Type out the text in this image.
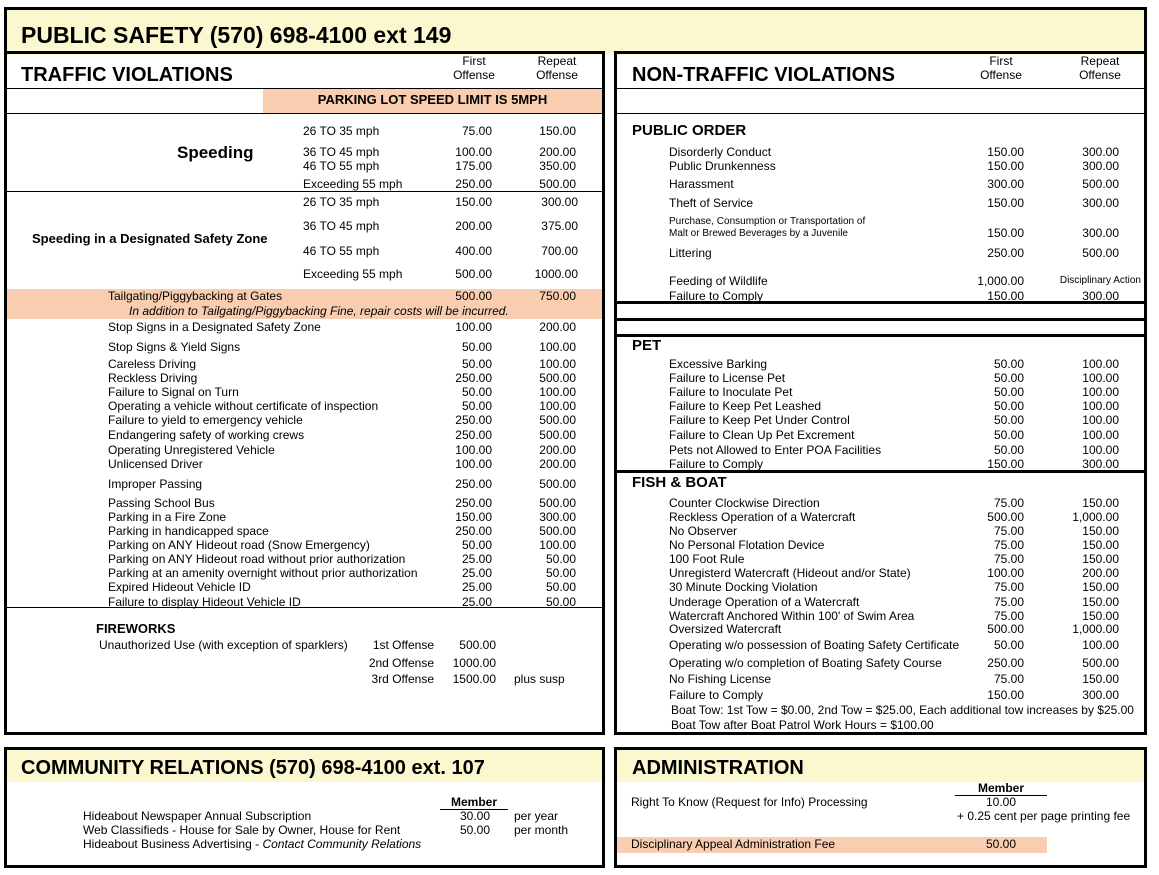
PUBLIC SAFETY (570) 698-4100 ext 149
TRAFFIC VIOLATIONS
First
Offense
Repeat
Offense
PARKING LOT SPEED LIMIT IS 5MPH
Speeding
26 TO 35 mph	75.00	150.00
36 TO 45 mph	100.00	200.00
46 TO 55 mph	175.00	350.00
Exceeding 55 mph	250.00	500.00
Speeding in a Designated Safety Zone
26 TO 35 mph	150.00	300.00
36 TO 45 mph	200.00	375.00
46 TO 55 mph	400.00	700.00
Exceeding 55 mph	500.00	1000.00
Tailgating/Piggybacking at Gates	500.00	750.00
In addition to Tailgating/Piggybacking Fine, repair costs will be incurred.
Stop Signs in a Designated Safety Zone	100.00	200.00
Stop Signs & Yield Signs	50.00	100.00
Careless Driving	50.00	100.00
Reckless Driving	250.00	500.00
Failure to Signal on Turn	50.00	100.00
Operating a vehicle without certificate of inspection	50.00	100.00
Failure to yield to emergency vehicle	250.00	500.00
Endangering safety of working crews	250.00	500.00
Operating Unregistered Vehicle	100.00	200.00
Unlicensed Driver	100.00	200.00
Improper Passing	250.00	500.00
Passing School Bus	250.00	500.00
Parking in a Fire Zone	150.00	300.00
Parking in handicapped space	250.00	500.00
Parking on ANY Hideout road (Snow Emergency)	50.00	100.00
Parking on ANY Hideout road without prior authorization	25.00	50.00
Parking at an amenity overnight without prior authorization	25.00	50.00
Expired Hideout Vehicle ID	25.00	50.00
Failure to display Hideout Vehicle ID	25.00	50.00
FIREWORKS
Unauthorized Use (with exception of sparklers)	1st Offense	500.00
2nd Offense	1000.00
3rd Offense	1500.00 plus susp
NON-TRAFFIC VIOLATIONS
First
Offense
Repeat
Offense
PUBLIC ORDER
Disorderly Conduct	150.00	300.00
Public Drunkenness	150.00	300.00
Harassment	300.00	500.00
Theft of Service	150.00	300.00
Purchase, Consumption or Transportation of
Malt or Brewed Beverages by a Juvenile	150.00	300.00
Littering	250.00	500.00
Feeding of Wildlife	1,000.00	Disciplinary Action
Failure to Comply	150.00	300.00
PET
Excessive Barking	50.00	100.00
Failure to License Pet	50.00	100.00
Failure to Inoculate Pet	50.00	100.00
Failure to Keep Pet Leashed	50.00	100.00
Failure to Keep Pet Under Control	50.00	100.00
Failure to Clean Up Pet Excrement	50.00	100.00
Pets not Allowed to Enter POA Facilities	50.00	100.00
Failure to Comply	150.00	300.00
FISH & BOAT
Counter Clockwise Direction	75.00	150.00
Reckless Operation of a Watercraft	500.00	1,000.00
No Observer	75.00	150.00
No Personal Flotation Device	75.00	150.00
100 Foot Rule	75.00	150.00
Unregisterd Watercraft (Hideout and/or State)	100.00	200.00
30 Minute Docking Violation	75.00	150.00
Underage Operation of a Watercraft	75.00	150.00
Watercraft Anchored Within 100' of Swim Area	75.00	150.00
Oversized Watercraft	500.00	1,000.00
Operating w/o possession of Boating Safety Certificate	50.00	100.00
Operating w/o completion of Boating Safety Course	250.00	500.00
No Fishing License	75.00	150.00
Failure to Comply	150.00	300.00
Boat Tow: 1st Tow = $0.00, 2nd Tow = $25.00, Each additional tow increases by $25.00
Boat Tow after Boat Patrol Work Hours = $100.00
COMMUNITY RELATIONS (570) 698-4100 ext. 107
Member
Hideabout Newspaper Annual Subscription	30.00 per year
Web Classifieds - House for Sale by Owner, House for Rent	50.00 per month
Hideabout Business Advertising - Contact Community Relations
ADMINISTRATION
Member
Right To Know (Request for Info) Processing	10.00
+ 0.25 cent per page printing fee
Disciplinary Appeal Administration Fee	50.00
